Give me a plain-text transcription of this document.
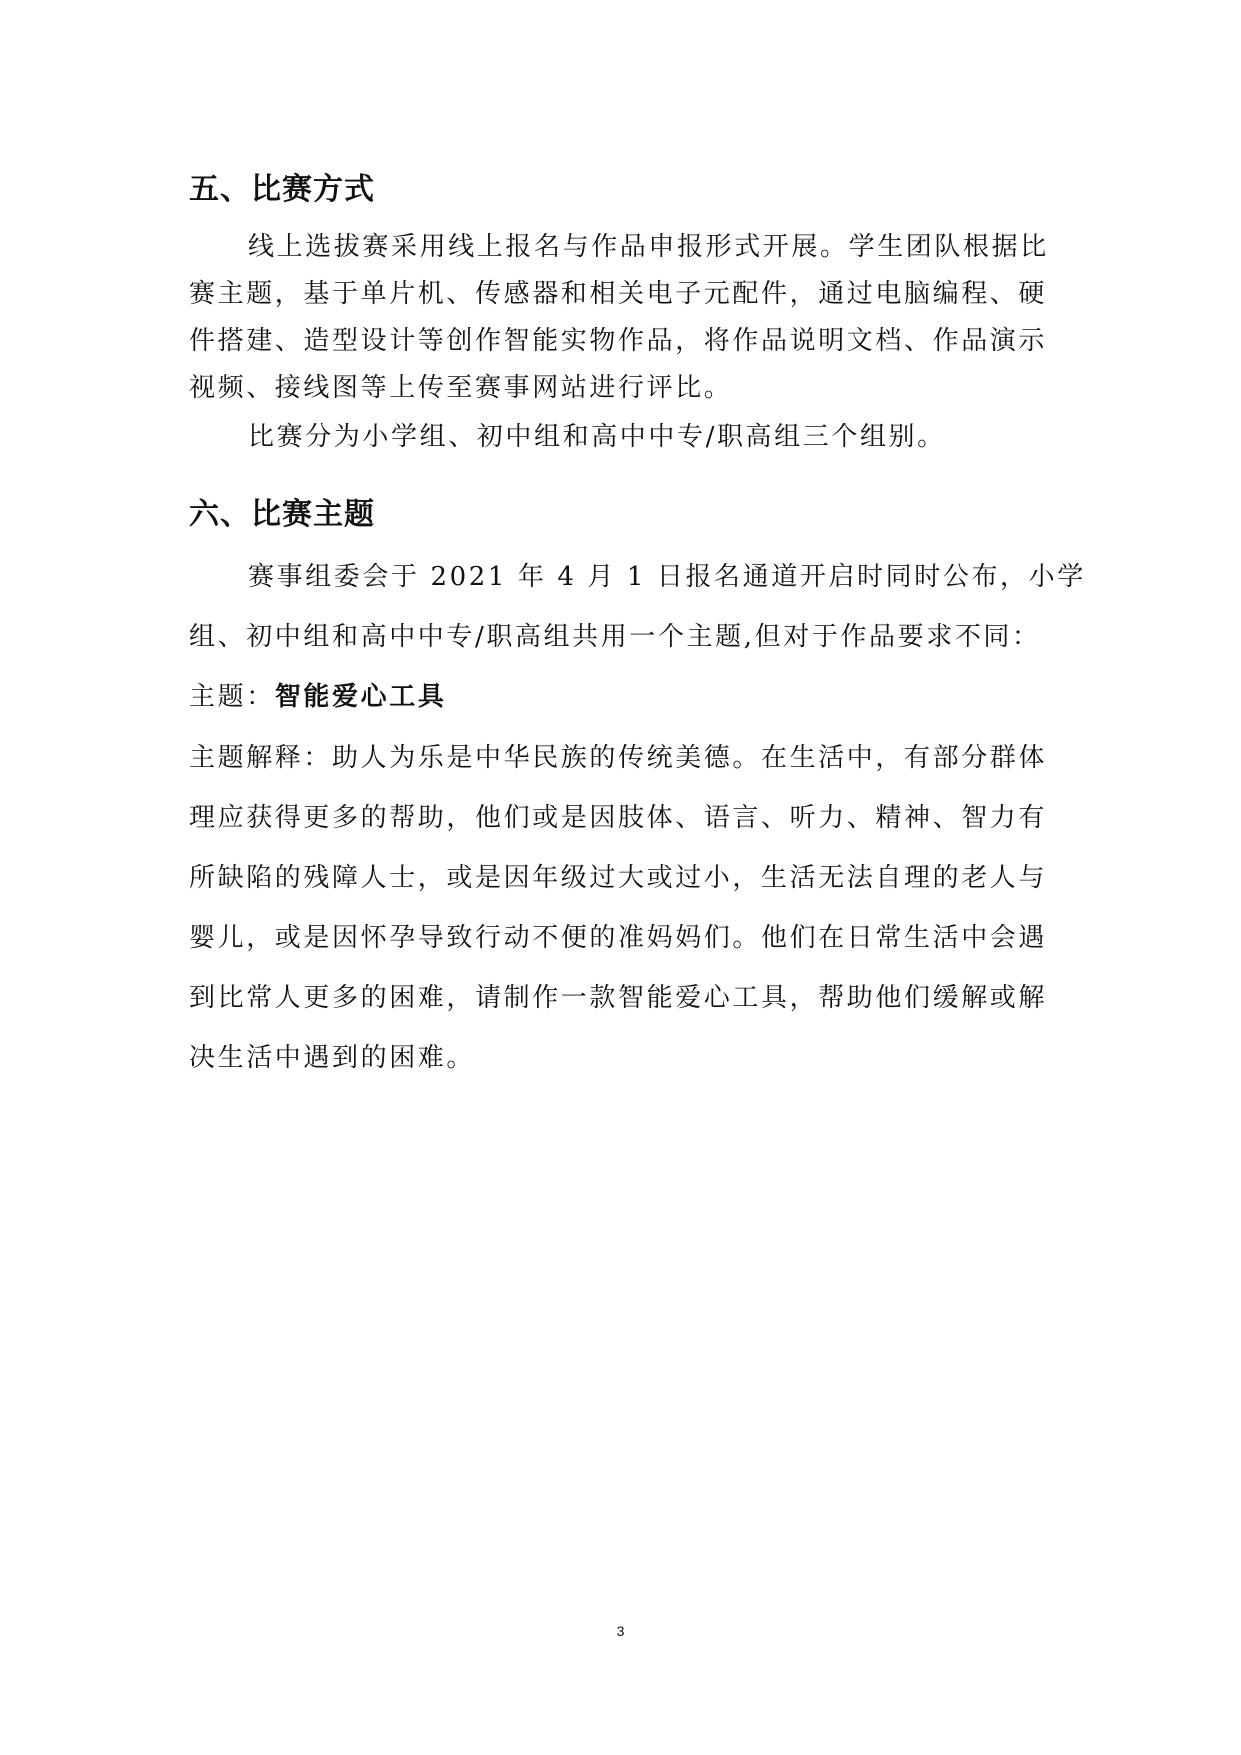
五、比赛方式

线上选拔赛采用线上报名与作品申报形式开展。学生团队根据比

赛主题，基于单片机、传感器和相关电子元配件，通过电脑编程、硬

件搭建、造型设计等创作智能实物作品，将作品说明文档、作品演示

视频、接线图等上传至赛事网站进行评比。

比赛分为小学组、初中组和高中中专/职高组三个组别。

六、比赛主题

赛事组委会于 2021 年 4 月 1 日报名通道开启时同时公布，小学

组、初中组和高中中专/职高组共用一个主题,但对于作品要求不同：

主题：智能爱心工具

主题解释：助人为乐是中华民族的传统美德。在生活中，有部分群体

理应获得更多的帮助，他们或是因肢体、语言、听力、精神、智力有

所缺陷的残障人士，或是因年级过大或过小，生活无法自理的老人与

婴儿，或是因怀孕导致行动不便的准妈妈们。他们在日常生活中会遇

到比常人更多的困难，请制作一款智能爱心工具，帮助他们缓解或解

决生活中遇到的困难。

3
